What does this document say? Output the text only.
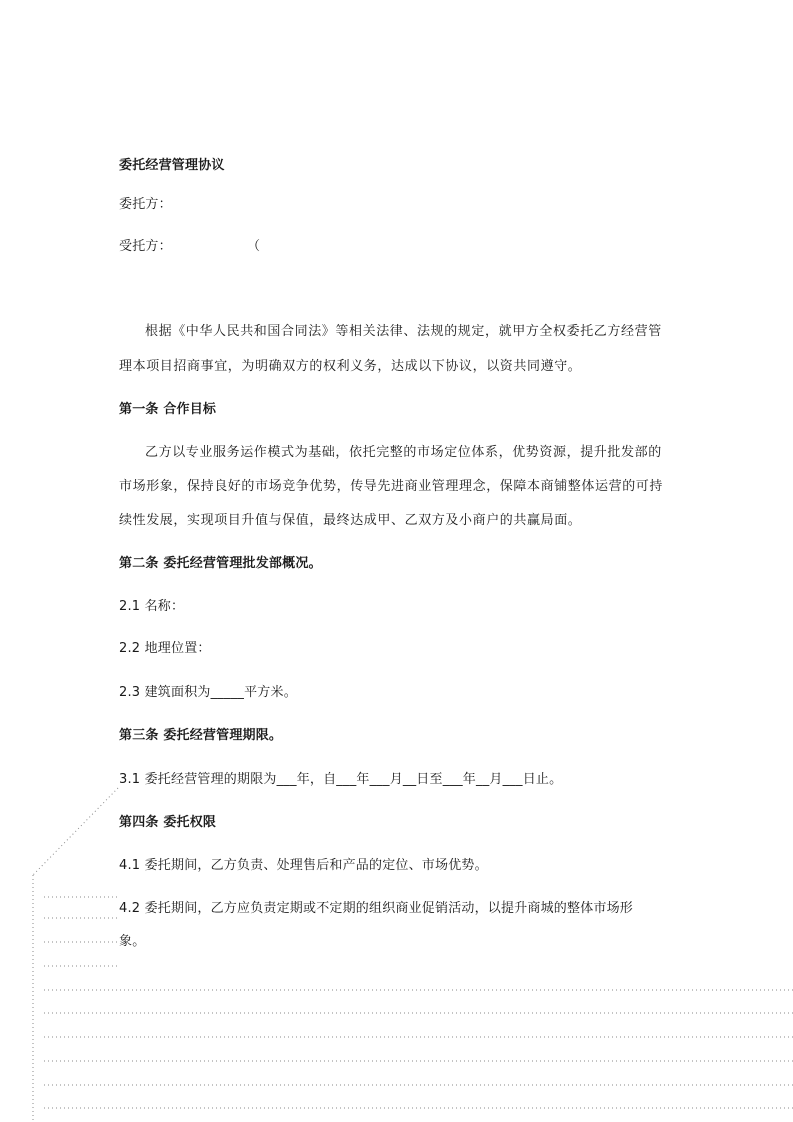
委托经营管理协议
委托方：
受托方：	（
根据《中华人民共和国合同法》等相关法律、法规的规定，就甲方全权委托乙方经营管
理本项目招商事宜，为明确双方的权利义务，达成以下协议，以资共同遵守。
第一条 合作目标
乙方以专业服务运作模式为基础，依托完整的市场定位体系，优势资源，提升批发部的
市场形象，保持良好的市场竞争优势，传导先进商业管理理念，保障本商铺整体运营的可持
续性发展，实现项目升值与保值，最终达成甲、乙双方及小商户的共赢局面。
第二条 委托经营管理批发部概况。
2.1 名称：
2.2 地理位置：
2.3 建筑面积为_____平方米。
第三条 委托经营管理期限。
3.1 委托经营管理的期限为___年，自___年___月__日至___年__月___日止。
第四条 委托权限
4.1 委托期间，乙方负责、处理售后和产品的定位、市场优势。
4.2 委托期间，乙方应负责定期或不定期的组织商业促销活动，以提升商城的整体市场形
象。
